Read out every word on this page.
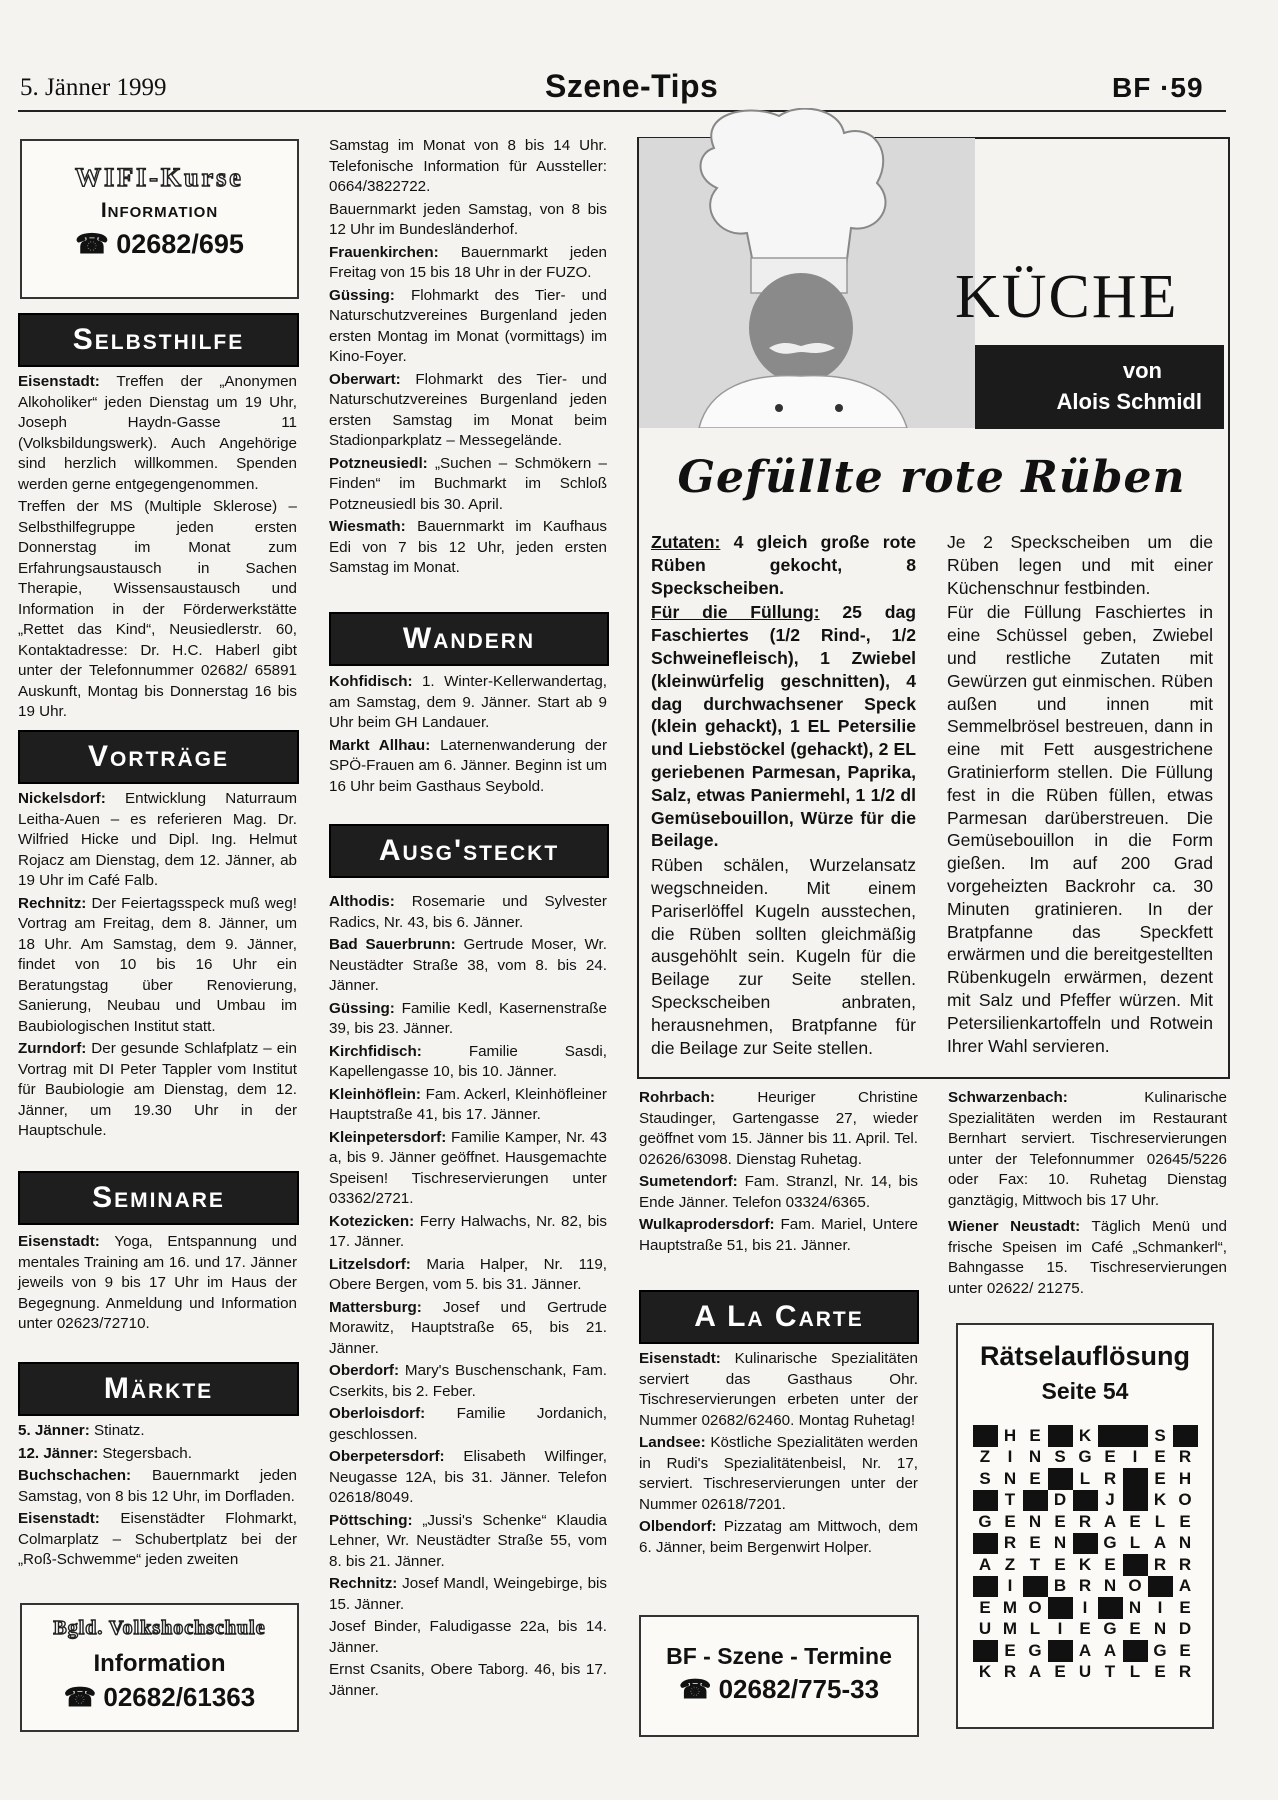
5. Jänner 1999	Szene-Tips	BF ·59
WIFI-Kurse
Information
☎ 02682/695
Selbsthilfe

Eisenstadt: Treffen der „Anonymen Alkoholiker“ jeden Dienstag um 19 Uhr, Joseph Haydn-Gasse 11 (Volksbildungswerk). Auch Angehörige sind herzlich willkommen. Spenden werden gerne entgegengenommen.

Treffen der MS (Multiple Sklerose) – Selbsthilfegruppe jeden ersten Donnerstag im Monat zum Erfahrungsaustausch in Sachen Therapie, Wissensaustausch und Information in der Förderwerkstätte „Rettet das Kind“, Neusiedlerstr. 60, Kontaktadresse: Dr. H.C. Haberl gibt unter der Telefonnummer 02682/ 65891 Auskunft, Montag bis Donnerstag 16 bis 19 Uhr.

Vorträge

Nickelsdorf: Entwicklung Naturraum Leitha-Auen – es referieren Mag. Dr. Wilfried Hicke und Dipl. Ing. Helmut Rojacz am Dienstag, dem 12. Jänner, ab 19 Uhr im Café Falb.

Rechnitz: Der Feiertagsspeck muß weg! Vortrag am Freitag, dem 8. Jänner, um 18 Uhr. Am Samstag, dem 9. Jänner, findet von 10 bis 16 Uhr ein Beratungstag über Renovierung, Sanierung, Neubau und Umbau im Baubiologischen Institut statt.

Zurndorf: Der gesunde Schlafplatz – ein Vortrag mit DI Peter Tappler vom Institut für Baubiologie am Dienstag, dem 12. Jänner, um 19.30 Uhr in der Hauptschule.

Seminare

Eisenstadt: Yoga, Entspannung und mentales Training am 16. und 17. Jänner jeweils von 9 bis 17 Uhr im Haus der Begegnung. Anmeldung und Information unter 02623/72710.

Märkte

5. Jänner: Stinatz.

12. Jänner: Stegersbach.

Buchschachen: Bauernmarkt jeden Samstag, von 8 bis 12 Uhr, im Dorfladen.

Eisenstadt: Eisenstädter Flohmarkt, Colmarplatz – Schubertplatz bei der „Roß-Schwemme“ jeden zweiten

Bgld. Volkshochschule
Information
☎ 02682/61363

Samstag im Monat von 8 bis 14 Uhr. Telefonische Information für Aussteller: 0664/3822722.

Bauernmarkt jeden Samstag, von 8 bis 12 Uhr im Bundesländerhof.

Frauenkirchen: Bauernmarkt jeden Freitag von 15 bis 18 Uhr in der FUZO.

Güssing: Flohmarkt des Tier- und Naturschutzvereines Burgenland jeden ersten Montag im Monat (vormittags) im Kino-Foyer.

Oberwart: Flohmarkt des Tier- und Naturschutzvereines Burgenland jeden ersten Samstag im Monat beim Stadionparkplatz – Messegelände.

Potzneusiedl: „Suchen – Schmökern – Finden“ im Buchmarkt im Schloß Potzneusiedl bis 30. April.

Wiesmath: Bauernmarkt im Kaufhaus Edi von 7 bis 12 Uhr, jeden ersten Samstag im Monat.

Wandern

Kohfidisch: 1. Winter-Kellerwandertag, am Samstag, dem 9. Jänner. Start ab 9 Uhr beim GH Landauer.

Markt Allhau: Laternenwanderung der SPÖ-Frauen am 6. Jänner. Beginn ist um 16 Uhr beim Gasthaus Seybold.

Ausg'steckt

Althodis: Rosemarie und Sylvester Radics, Nr. 43, bis 6. Jänner.

Bad Sauerbrunn: Gertrude Moser, Wr. Neustädter Straße 38, vom 8. bis 24. Jänner.

Güssing: Familie Kedl, Kasernenstraße 39, bis 23. Jänner.

Kirchfidisch: Familie Sasdi, Kapellengasse 10, bis 10. Jänner.

Kleinhöflein: Fam. Ackerl, Kleinhöfleiner Hauptstraße 41, bis 17. Jänner.

Kleinpetersdorf: Familie Kamper, Nr. 43 a, bis 9. Jänner geöffnet. Hausgemachte Speisen! Tischreservierungen unter 03362/2721.

Kotezicken: Ferry Halwachs, Nr. 82, bis 17. Jänner.

Litzelsdorf: Maria Halper, Nr. 119, Obere Bergen, vom 5. bis 31. Jänner.

Mattersburg: Josef und Gertrude Morawitz, Hauptstraße 65, bis 21. Jänner.

Oberdorf: Mary's Buschenschank, Fam. Cserkits, bis 2. Feber.

Oberloisdorf: Familie Jordanich, geschlossen.

Oberpetersdorf: Elisabeth Wilfinger, Neugasse 12A, bis 31. Jänner. Telefon 02618/8049.

Pöttsching: „Jussi's Schenke“ Klaudia Lehner, Wr. Neustädter Straße 55, vom 8. bis 21. Jänner.

Rechnitz: Josef Mandl, Weingebirge, bis 15. Jänner.

Josef Binder, Faludigasse 22a, bis 14. Jänner.

Ernst Csanits, Obere Taborg. 46, bis 17. Jänner.

KÜCHE
von
Alois Schmidl
Gefüllte rote Rüben

Zutaten: 4 gleich große rote Rüben gekocht, 8 Speckscheiben.

Für die Füllung: 25 dag Faschiertes (1/2 Rind-, 1/2 Schweinefleisch), 1 Zwiebel (kleinwürfelig geschnitten), 4 dag durchwachsener Speck (klein gehackt), 1 EL Petersilie und Liebstöckel (gehackt), 2 EL geriebenen Parmesan, Paprika, Salz, etwas Paniermehl, 1 1/2 dl Gemüsebouillon, Würze für die Beilage.

Rüben schälen, Wurzelansatz wegschneiden. Mit einem Pariserlöffel Kugeln ausstechen, die Rüben sollten gleichmäßig ausgehöhlt sein. Kugeln für die Beilage zur Seite stellen. Speckscheiben anbraten, herausnehmen, Bratpfanne für die Beilage zur Seite stellen.

Je 2 Speckscheiben um die Rüben legen und mit einer Küchenschnur festbinden.

Für die Füllung Faschiertes in eine Schüssel geben, Zwiebel und restliche Zutaten mit Gewürzen gut einmischen. Rüben außen und innen mit Semmelbrösel bestreuen, dann in eine mit Fett ausgestrichene Gratinierform stellen. Die Füllung fest in die Rüben füllen, etwas Parmesan darüberstreuen. Die Gemüsebouillon in die Form gießen. Im auf 200 Grad vorgeheizten Backrohr ca. 30 Minuten gratinieren. In der Bratpfanne das Speckfett erwärmen und die bereitgestellten Rübenkugeln erwärmen, dezent mit Salz und Pfeffer würzen. Mit Petersilienkartoffeln und Rotwein Ihrer Wahl servieren.

Rohrbach: Heuriger Christine Staudinger, Gartengasse 27, wieder geöffnet vom 15. Jänner bis 11. April. Tel. 02626/63098. Dienstag Ruhetag.

Sumetendorf: Fam. Stranzl, Nr. 14, bis Ende Jänner. Telefon 03324/6365.

Wulkaprodersdorf: Fam. Mariel, Untere Hauptstraße 51, bis 21. Jänner.

A La Carte

Eisenstadt: Kulinarische Spezialitäten serviert das Gasthaus Ohr. Tischreservierungen erbeten unter der Nummer 02682/62460. Montag Ruhetag!

Landsee: Köstliche Spezialitäten werden in Rudi's Spezialitätenbeisl, Nr. 17, serviert. Tischreservierungen unter der Nummer 02618/7201.

Olbendorf: Pizzatag am Mittwoch, dem 6. Jänner, beim Bergenwirt Holper.

BF - Szene - Termine
☎ 02682/775-33

Schwarzenbach: Kulinarische Spezialitäten werden im Restaurant Bernhart serviert. Tischreservierungen unter der Telefonnummer 02645/5226 oder Fax: 10. Ruhetag Dienstag ganztägig, Mittwoch bis 17 Uhr.

Wiener Neustadt: Täglich Menü und frische Speisen im Café „Schmankerl“, Bahngasse 15. Tischreservierungen unter 02622/ 21275.

Rätselauflösung
Seite 54
	H	E		K			S	
Z	I	N	S	G	E	I	E	R
S	N	E		L	R		E	H
	T		D		J		K	O
G	E	N	E	R	A	E	L	E
	R	E	N		G	L	A	N
A	Z	T	E	K	E		R	R
	I		B	R	N	O		A
E	M	O		I		N	I	E
U	M	L	I	E	G	E	N	D
	E	G		A	A		G	E
K	R	A	E	U	T	L	E	R
